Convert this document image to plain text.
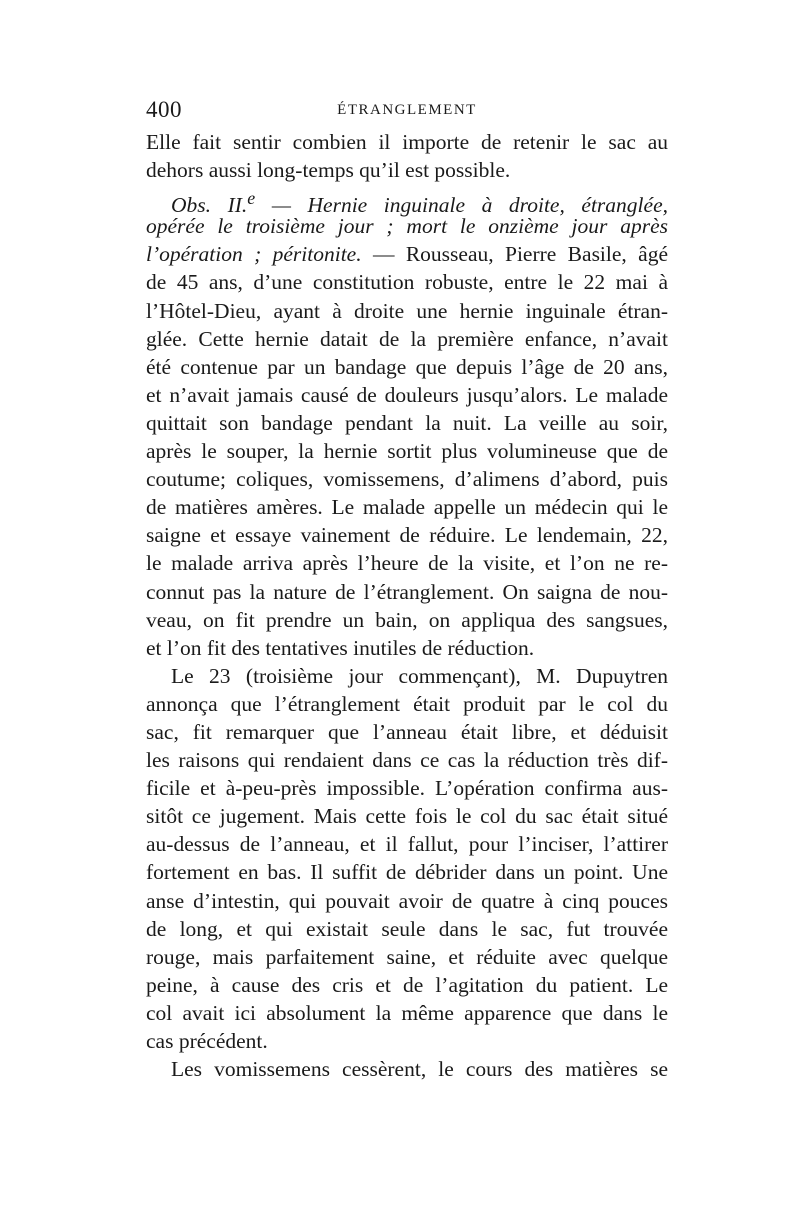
400	ÉTRANGLEMENT
Elle fait sentir combien il importe de retenir le sac au
dehors aussi long-temps qu’il est possible.
Obs. II.$^e$ — Hernie inguinale à droite, étranglée,
opérée le troisième jour ; mort le onzième jour après
l’opération ; péritonite. — Rousseau, Pierre Basile, âgé
de 45 ans, d’une constitution robuste, entre le 22 mai à
l’Hôtel-Dieu, ayant à droite une hernie inguinale étran-
glée. Cette hernie datait de la première enfance, n’avait
été contenue par un bandage que depuis l’âge de 20 ans,
et n’avait jamais causé de douleurs jusqu’alors. Le malade
quittait son bandage pendant la nuit. La veille au soir,
après le souper, la hernie sortit plus volumineuse que de
coutume; coliques, vomissemens, d’alimens d’abord, puis
de matières amères. Le malade appelle un médecin qui le
saigne et essaye vainement de réduire. Le lendemain, 22,
le malade arriva après l’heure de la visite, et l’on ne re-
connut pas la nature de l’étranglement. On saigna de nou-
veau, on fit prendre un bain, on appliqua des sangsues,
et l’on fit des tentatives inutiles de réduction.
Le 23 (troisième jour commençant), M. Dupuytren
annonça que l’étranglement était produit par le col du
sac, fit remarquer que l’anneau était libre, et déduisit
les raisons qui rendaient dans ce cas la réduction très dif-
ficile et à-peu-près impossible. L’opération confirma aus-
sitôt ce jugement. Mais cette fois le col du sac était situé
au-dessus de l’anneau, et il fallut, pour l’inciser, l’attirer
fortement en bas. Il suffit de débrider dans un point. Une
anse d’intestin, qui pouvait avoir de quatre à cinq pouces
de long, et qui existait seule dans le sac, fut trouvée
rouge, mais parfaitement saine, et réduite avec quelque
peine, à cause des cris et de l’agitation du patient. Le
col avait ici absolument la même apparence que dans le
cas précédent.
Les vomissemens cessèrent, le cours des matières se
